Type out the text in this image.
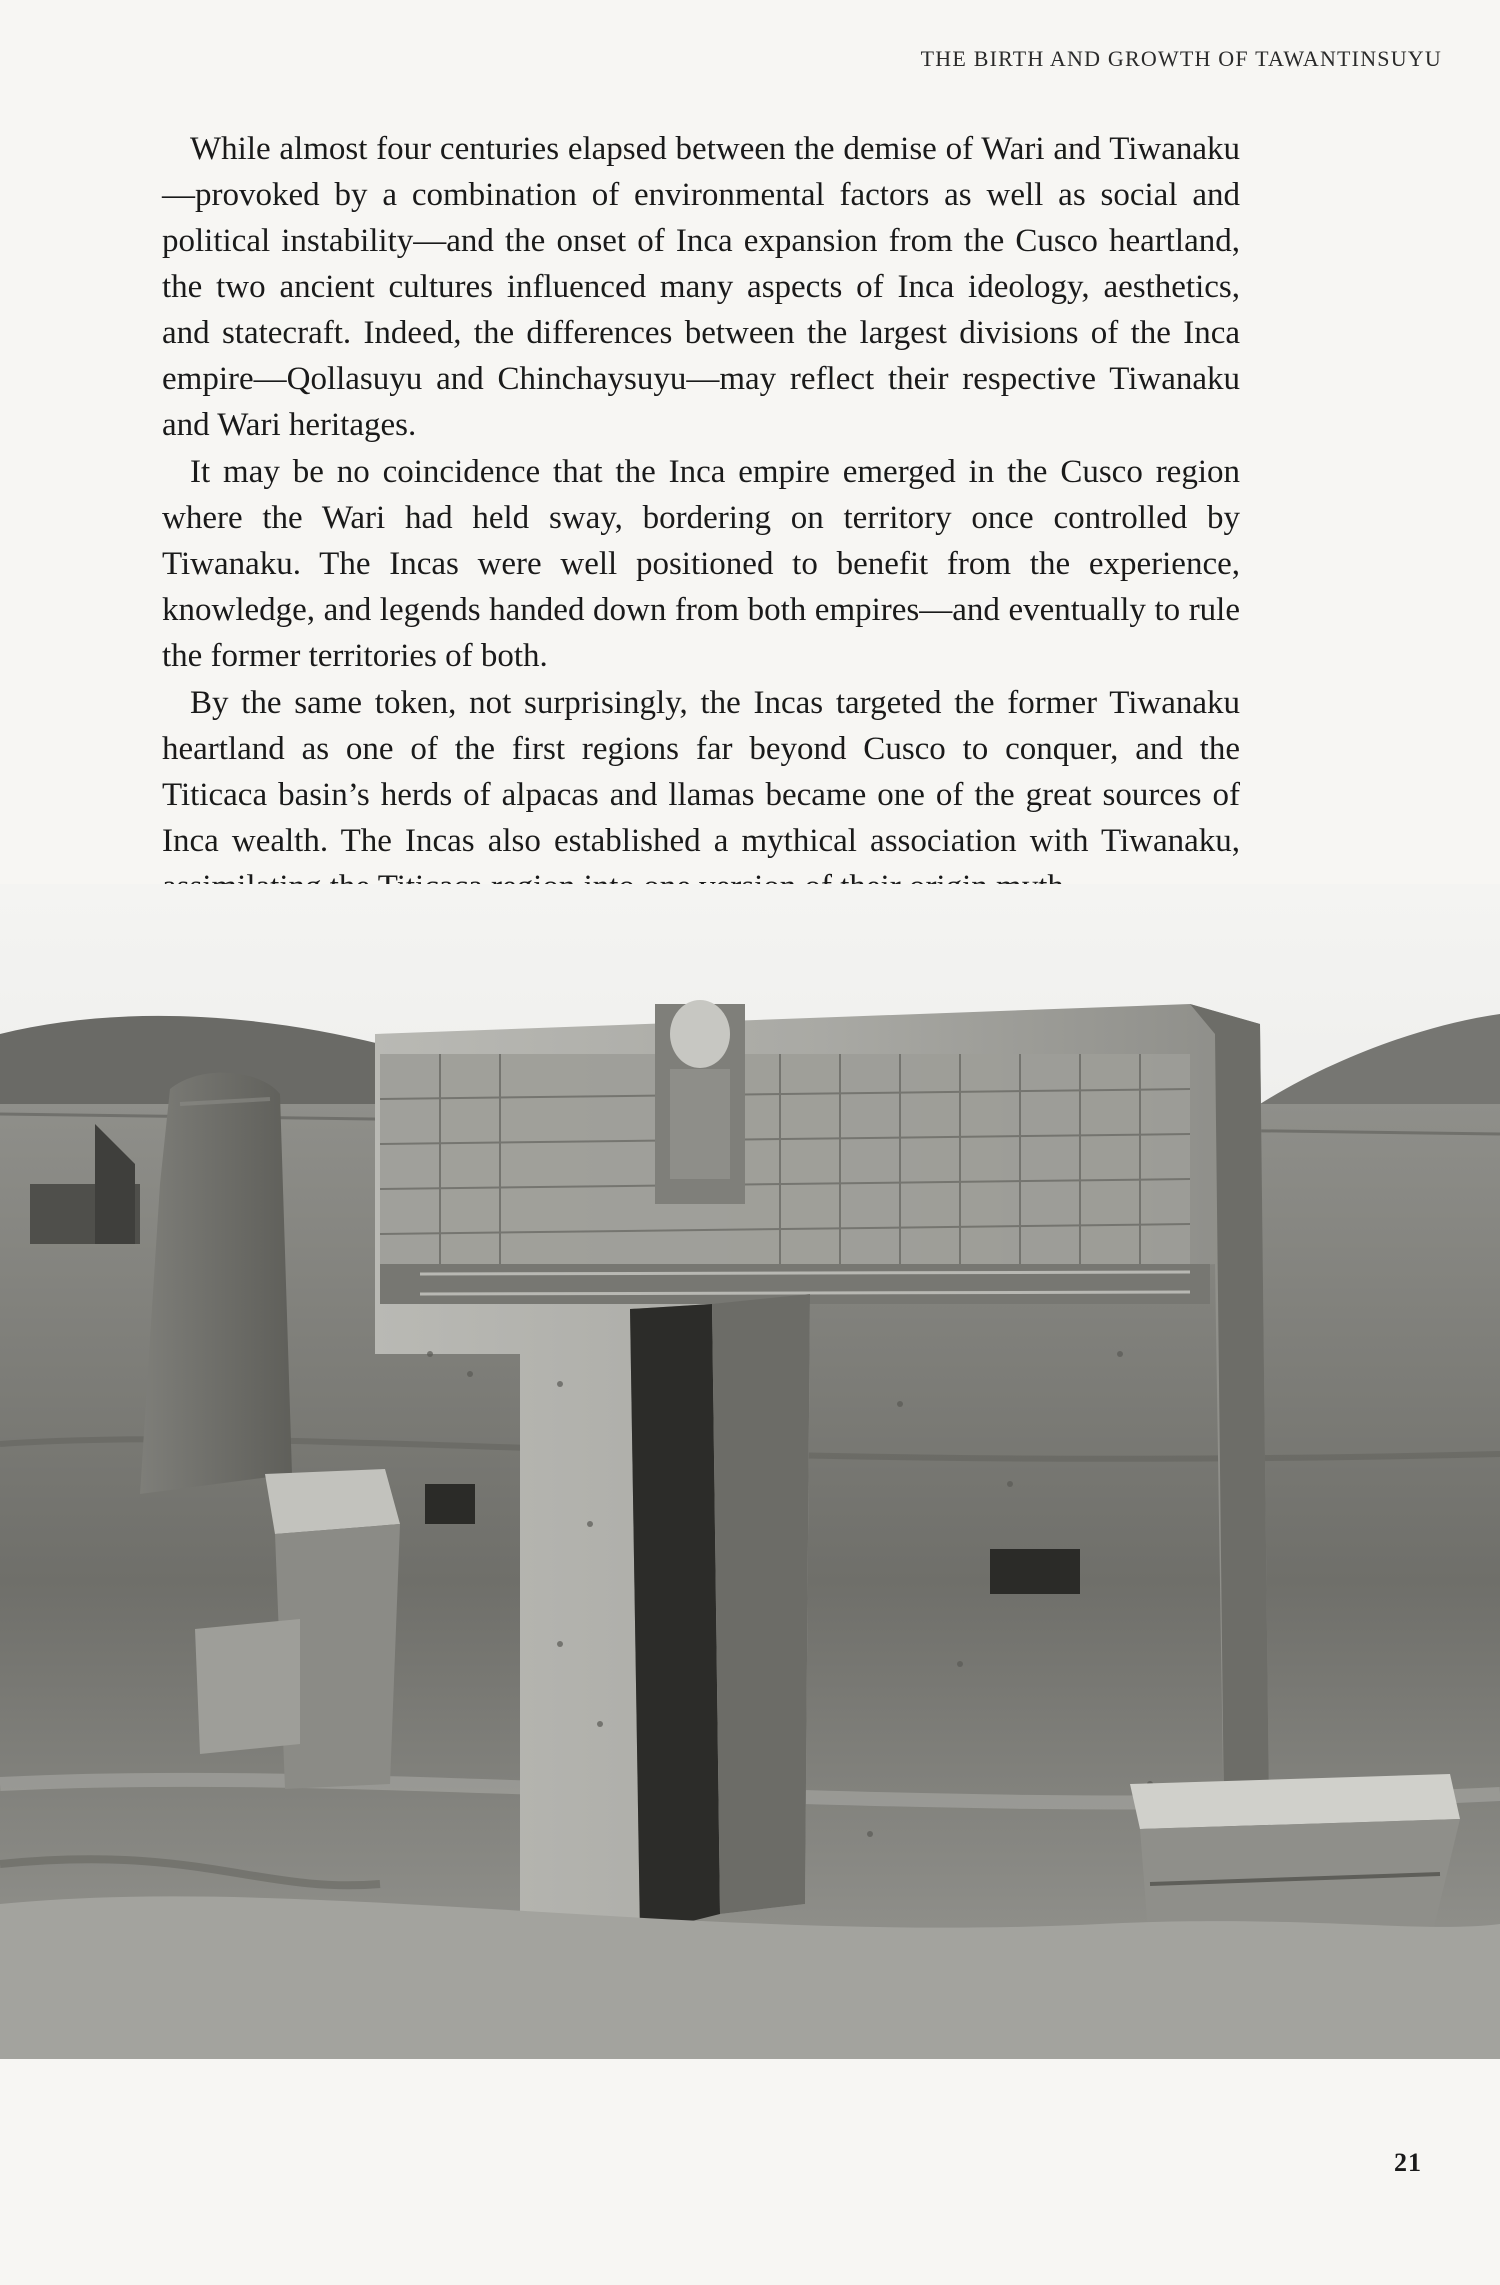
THE BIRTH AND GROWTH OF TAWANTINSUYU

While almost four centuries elapsed between the demise of Wari and Tiwanaku—provoked by a combination of environmental factors as well as social and political instability—and the onset of Inca expansion from the Cusco heartland, the two ancient cultures influenced many aspects of Inca ideology, aesthetics, and statecraft. Indeed, the differences between the largest divisions of the Inca empire—Qollasuyu and Chinchaysuyu—may reflect their respective Tiwanaku and Wari heritages.

It may be no coincidence that the Inca empire emerged in the Cusco region where the Wari had held sway, bordering on territory once controlled by Tiwanaku. The Incas were well positioned to benefit from the experience, knowledge, and legends handed down from both empires—and eventually to rule the former territories of both.

By the same token, not surprisingly, the Incas targeted the former Tiwanaku heartland as one of the first regions far beyond Cusco to conquer, and the Titicaca basin’s herds of alpacas and llamas became one of the great sources of Inca wealth. The Incas also established a mythical association with Tiwanaku,

21
